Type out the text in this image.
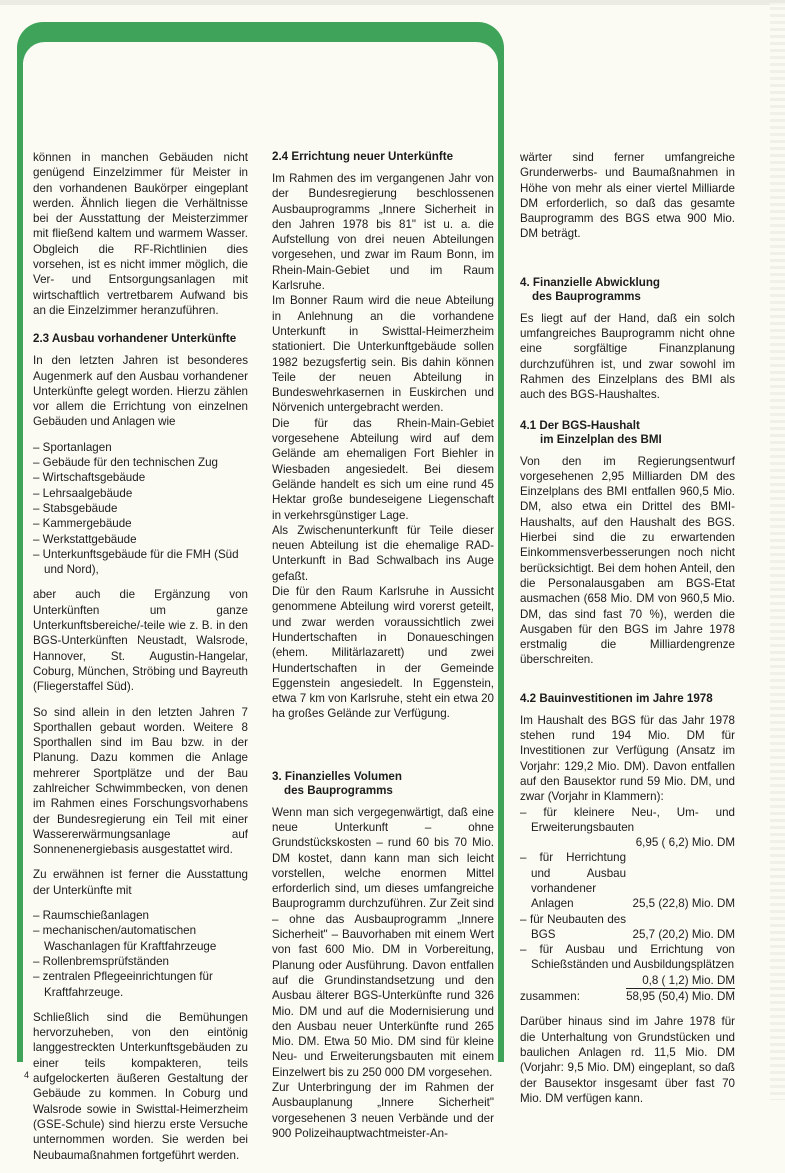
können in manchen Gebäuden nicht genügend Einzelzimmer für Meister in den vorhandenen Baukörper eingeplant werden. Ähnlich liegen die Verhältnisse bei der Ausstattung der Meisterzimmer mit fließend kaltem und warmem Wasser. Obgleich die RF-Richtlinien dies vorsehen, ist es nicht immer möglich, die Ver- und Entsorgungsanlagen mit wirtschaftlich vertretbarem Aufwand bis an die Einzelzimmer heranzuführen.

2.3 Ausbau vorhandener Unterkünfte

In den letzten Jahren ist besonderes Augenmerk auf den Ausbau vorhandener Unterkünfte gelegt worden. Hierzu zählen vor allem die Errichtung von einzelnen Gebäuden und Anlagen wie

– Sportanlagen
– Gebäude für den technischen Zug
– Wirtschaftsgebäude
– Lehrsaalgebäude
– Stabsgebäude
– Kammergebäude
– Werkstattgebäude
– Unterkunftsgebäude für die FMH (Süd und Nord),

aber auch die Ergänzung von Unterkünften um ganze Unterkunftsbereiche/-teile wie z. B. in den BGS-Unterkünften Neustadt, Walsrode, Hannover, St. Augustin-Hangelar, Coburg, München, Ströbing und Bayreuth (Fliegerstaffel Süd).

So sind allein in den letzten Jahren 7 Sporthallen gebaut worden. Weitere 8 Sporthallen sind im Bau bzw. in der Planung. Dazu kommen die Anlage mehrerer Sportplätze und der Bau zahlreicher Schwimmbecken, von denen im Rahmen eines Forschungsvorhabens der Bundesregierung ein Teil mit einer Wassererwärmungsanlage auf Sonnenenergiebasis ausgestattet wird.

Zu erwähnen ist ferner die Ausstattung der Unterkünfte mit

– Raumschießanlagen
– mechanischen/automatischen Waschanlagen für Kraftfahrzeuge
– Rollenbremsprüfständen
– zentralen Pflegeeinrichtungen für Kraftfahrzeuge.

Schließlich sind die Bemühungen hervorzuheben, von den eintönig langgestreckten Unterkunftsgebäuden zu einer teils kompakteren, teils aufgelockerten äußeren Gestaltung der Gebäude zu kommen. In Coburg und Walsrode sowie in Swisttal-Heimerzheim (GSE-Schule) sind hierzu erste Versuche unternommen worden. Sie werden bei Neubaumaßnahmen fortgeführt werden.

2.4 Errichtung neuer Unterkünfte

Im Rahmen des im vergangenen Jahr von der Bundesregierung beschlossenen Ausbauprogramms „Innere Sicherheit in den Jahren 1978 bis 81" ist u. a. die Aufstellung von drei neuen Abteilungen vorgesehen, und zwar im Raum Bonn, im Rhein-Main-Gebiet und im Raum Karlsruhe.

Im Bonner Raum wird die neue Abteilung in Anlehnung an die vorhandene Unterkunft in Swisttal-Heimerzheim stationiert. Die Unterkunftgebäude sollen 1982 bezugsfertig sein. Bis dahin können Teile der neuen Abteilung in Bundeswehrkasernen in Euskirchen und Nörvenich untergebracht werden.

Die für das Rhein-Main-Gebiet vorgesehene Abteilung wird auf dem Gelände am ehemaligen Fort Biehler in Wiesbaden angesiedelt. Bei diesem Gelände handelt es sich um eine rund 45 Hektar große bundeseigene Liegenschaft in verkehrsgünstiger Lage.

Als Zwischenunterkunft für Teile dieser neuen Abteilung ist die ehemalige RAD-Unterkunft in Bad Schwalbach ins Auge gefaßt.

Die für den Raum Karlsruhe in Aussicht genommene Abteilung wird vorerst geteilt, und zwar werden voraussichtlich zwei Hundertschaften in Donaueschingen (ehem. Militärlazarett) und zwei Hundertschaften in der Gemeinde Eggenstein angesiedelt. In Eggenstein, etwa 7 km von Karlsruhe, steht ein etwa 20 ha großes Gelände zur Verfügung.

3. Finanzielles Volumen
des Bauprogramms

Wenn man sich vergegenwärtigt, daß eine neue Unterkunft – ohne Grundstückskosten – rund 60 bis 70 Mio. DM kostet, dann kann man sich leicht vorstellen, welche enormen Mittel erforderlich sind, um dieses umfangreiche Bauprogramm durchzuführen. Zur Zeit sind – ohne das Ausbauprogramm „Innere Sicherheit" – Bauvorhaben mit einem Wert von fast 600 Mio. DM in Vorbereitung, Planung oder Ausführung. Davon entfallen auf die Grundinstandsetzung und den Ausbau älterer BGS-Unterkünfte rund 326 Mio. DM und auf die Modernisierung und den Ausbau neuer Unterkünfte rund 265 Mio. DM. Etwa 50 Mio. DM sind für kleine Neu- und Erweiterungsbauten mit einem Einzelwert bis zu 250 000 DM vorgesehen.

Zur Unterbringung der im Rahmen der Ausbauplanung „Innere Sicherheit" vorgesehenen 3 neuen Verbände und der 900 Polizeihauptwachtmeister-An-

wärter sind ferner umfangreiche Grunderwerbs- und Baumaßnahmen in Höhe von mehr als einer viertel Milliarde DM erforderlich, so daß das gesamte Bauprogramm des BGS etwa 900 Mio. DM beträgt.

4. Finanzielle Abwicklung
des Bauprogramms

Es liegt auf der Hand, daß ein solch umfangreiches Bauprogramm nicht ohne eine sorgfältige Finanzplanung durchzuführen ist, und zwar sowohl im Rahmen des Einzelplans des BMI als auch des BGS-Haushaltes.

4.1 Der BGS-Haushalt
im Einzelplan des BMI

Von den im Regierungsentwurf vorgesehenen 2,95 Milliarden DM des Einzelplans des BMI entfallen 960,5 Mio. DM, also etwa ein Drittel des BMI-Haushalts, auf den Haushalt des BGS. Hierbei sind die zu erwartenden Einkommensverbesserungen noch nicht berücksichtigt. Bei dem hohen Anteil, den die Personalausgaben am BGS-Etat ausmachen (658 Mio. DM von 960,5 Mio. DM, das sind fast 70 %), werden die Ausgaben für den BGS im Jahre 1978 erstmalig die Milliardengrenze überschreiten.

4.2 Bauinvestitionen im Jahre 1978

Im Haushalt des BGS für das Jahr 1978 stehen rund 194 Mio. DM für Investitionen zur Verfügung (Ansatz im Vorjahr: 129,2 Mio. DM). Davon entfallen auf den Bausektor rund 59 Mio. DM, und zwar (Vorjahr in Klammern):

– für kleinere Neu-, Um- und Erweiterungsbauten	
	6,95 ( 6,2) Mio. DM
– für Herrichtung und Ausbau vorhandener Anlagen	25,5 (22,8) Mio. DM
– für Neubauten des BGS	25,7 (20,2) Mio. DM
– für Ausbau und Errichtung von Schießständen und Ausbildungsplätzen	
	0,8 ( 1,2) Mio. DM
zusammen:	58,95 (50,4) Mio. DM

Darüber hinaus sind im Jahre 1978 für die Unterhaltung von Grundstücken und baulichen Anlagen rd. 11,5 Mio. DM (Vorjahr: 9,5 Mio. DM) eingeplant, so daß der Bausektor insgesamt über fast 70 Mio. DM verfügen kann.

4
